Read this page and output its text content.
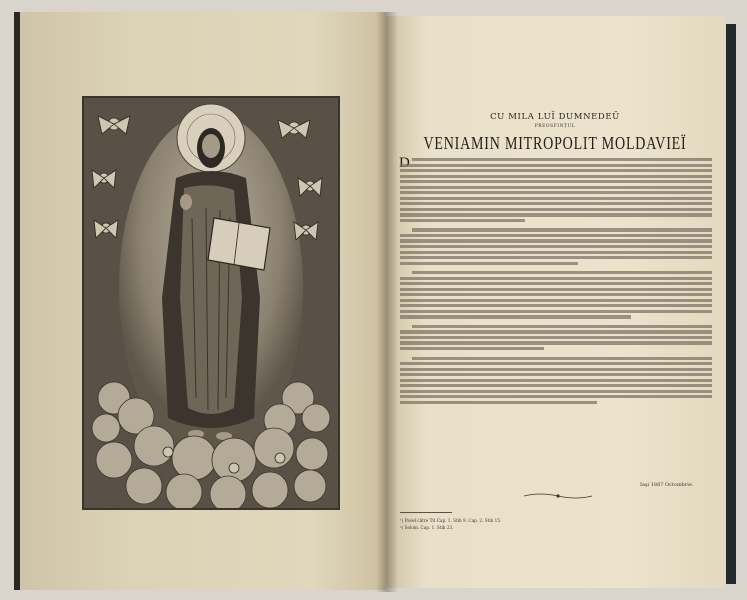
CU MILA LUÏ DUMNEDEŬ
PREOSFINȚUL
VENIAMIN MITROPOLIT MOLDAVIEÏ
Iaşi 1887 Octombrie.
¹) Pavel către Tit Cap. 1. Stih 9. Cap. 2. Stih 15.
²) Solom. Cap. 1. Stih 23.
